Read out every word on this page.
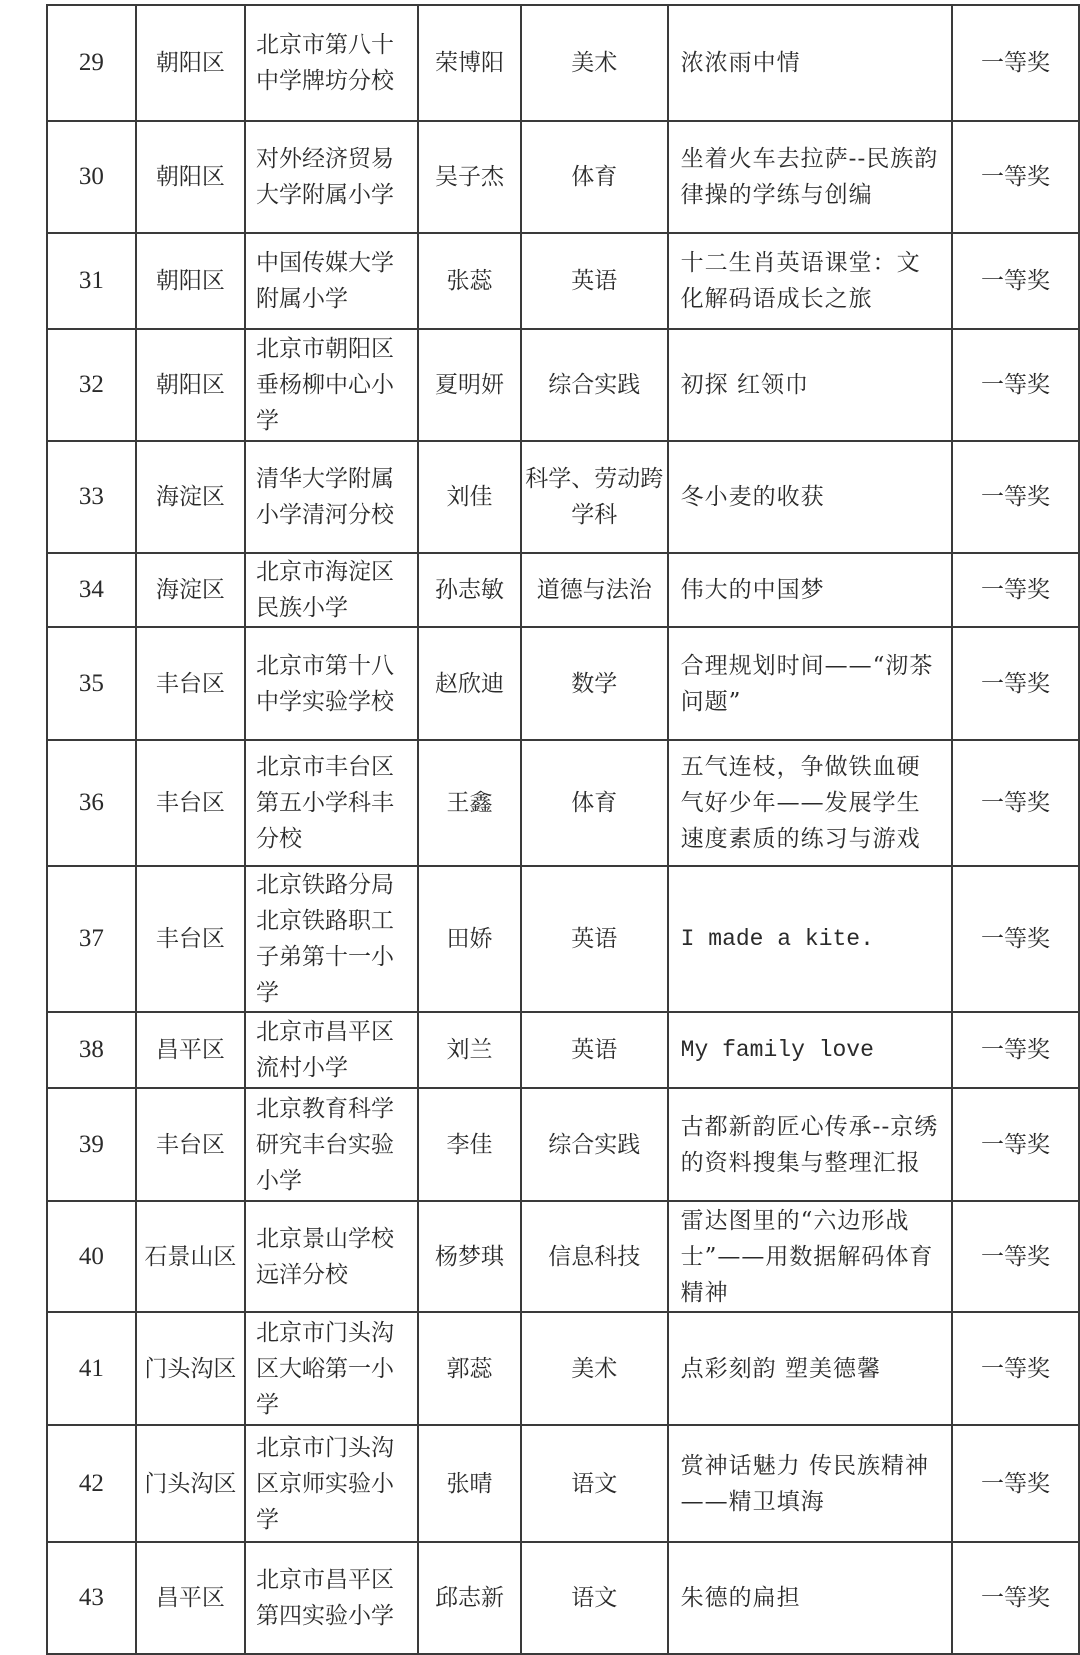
29	朝阳区	北京市第八十中学牌坊分校	荣博阳	美术	浓浓雨中情	一等奖
30	朝阳区	对外经济贸易大学附属小学	吴子杰	体育	坐着火车去拉萨--民族韵律操的学练与创编	一等奖
31	朝阳区	中国传媒大学附属小学	张蕊	英语	十二生肖英语课堂：文化解码语成长之旅	一等奖
32	朝阳区	北京市朝阳区垂杨柳中心小学	夏明妍	综合实践	初探 红领巾	一等奖
33	海淀区	清华大学附属小学清河分校	刘佳	科学、劳动跨学科	冬小麦的收获	一等奖
34	海淀区	北京市海淀区民族小学	孙志敏	道德与法治	伟大的中国梦	一等奖
35	丰台区	北京市第十八中学实验学校	赵欣迪	数学	合理规划时间——“沏茶问题”	一等奖
36	丰台区	北京市丰台区第五小学科丰分校	王鑫	体育	五气连枝，争做铁血硬气好少年——发展学生速度素质的练习与游戏	一等奖
37	丰台区	北京铁路分局北京铁路职工子弟第十一小学	田娇	英语	I made a kite.	一等奖
38	昌平区	北京市昌平区流村小学	刘兰	英语	My family love	一等奖
39	丰台区	北京教育科学研究丰台实验小学	李佳	综合实践	古都新韵匠心传承--京绣的资料搜集与整理汇报	一等奖
40	石景山区	北京景山学校远洋分校	杨梦琪	信息科技	雷达图里的“六边形战士”——用数据解码体育精神	一等奖
41	门头沟区	北京市门头沟区大峪第一小学	郭蕊	美术	点彩刻韵 塑美德馨	一等奖
42	门头沟区	北京市门头沟区京师实验小学	张晴	语文	赏神话魅力 传民族精神——精卫填海	一等奖
43	昌平区	北京市昌平区第四实验小学	邱志新	语文	朱德的扁担	一等奖
